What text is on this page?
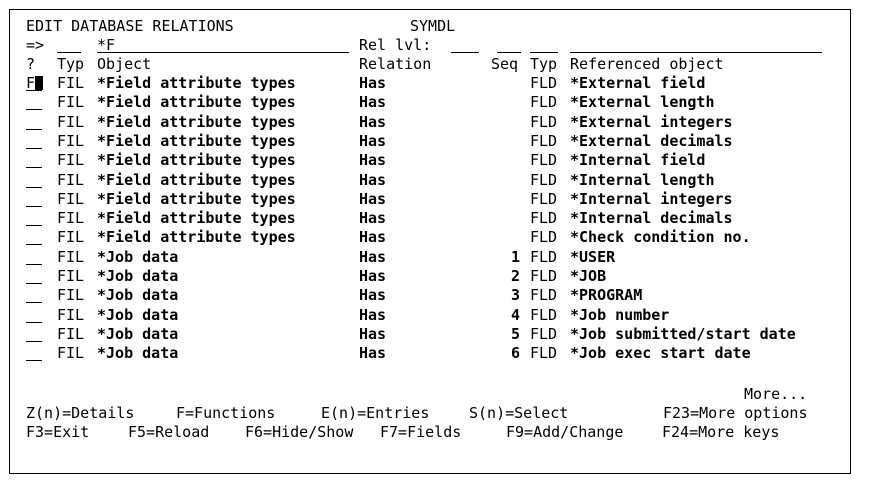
EDIT DATABASE RELATIONS	SYMDL
=>	*F	Rel lvl:
? Typ Object	Relation	Seq Typ Referenced object
F FIL *Field attribute types	Has	FLD *External field
FIL *Field attribute types	Has	FLD *External length
FIL *Field attribute types	Has	FLD *External integers
FIL *Field attribute types	Has	FLD *External decimals
FIL *Field attribute types	Has	FLD *Internal field
FIL *Field attribute types	Has	FLD *Internal length
FIL *Field attribute types	Has	FLD *Internal integers
FIL *Field attribute types	Has	FLD *Internal decimals
FIL *Field attribute types	Has	FLD *Check condition no.
FIL *Job data	Has	1 FLD *USER
FIL *Job data	Has	2 FLD *JOB
FIL *Job data	Has	3 FLD *PROGRAM
FIL *Job data	Has	4 FLD *Job number
FIL *Job data	Has	5 FLD *Job submitted/start date
FIL *Job data	Has	6 FLD *Job exec start date
More...
Z(n)=Details	F=Functions	E(n)=Entries	S(n)=Select	F23=More options
F3=Exit	F5=Reload F6=Hide/Show F7=Fields	F9=Add/Change	F24=More keys
